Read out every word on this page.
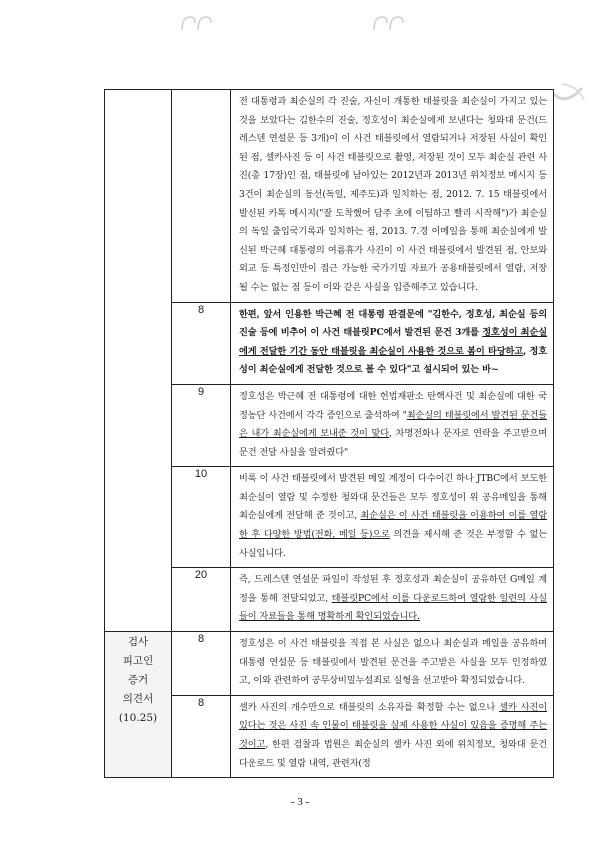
		전 대통령과 최순실의 각 진술, 자신이 개통한 태블릿을 최순실이 가지고 있는 것을 보았다는 김한수의 진술, 정호성이 최순실에게 보낸다는 청와대 문건(드레스덴 연설문 등 3개)이 이 사건 태블릿에서 열람되거나 저장된 사실이 확인된 점, 셀카사진 등 이 사건 태블릿으로 촬영, 저장된 것이 모두 최순실 관련 사진(총 17장)인 점, 태블릿에 남아있는 2012년과 2013년 위치정보 메시지 등 3건이 최순실의 동선(독일, 제주도)과 일치하는 점, 2012. 7. 15 태블릿에서 발신된 카톡 메시지("잘 도착했어 담주 초에 이팀하고 빨리 시작해")가 최순실의 독일 출입국기록과 일치하는 점, 2013. 7.경 이메일을 통해 최순실에게 발신된 박근혜 대통령의 여름휴가 사진이 이 사건 태블릿에서 발견된 점, 안보와 외교 등 특정인만이 접근 가능한 국가기밀 자료가 공용태블릿에서 열람, 저장될 수는 없는 점 등이 이와 같은 사실을 입증해주고 있습니다.
	8	한편, 앞서 인용한 박근혜 전 대통령 판결문에 "김한수, 정호성, 최순실 등의 진술 등에 비추어 이 사건 태블릿PC에서 발견된 문건 3개를 정호성이 최순실에게 전달한 기간 동안 태블릿을 최순실이 사용한 것으로 봄이 타당하고, 정호성이 최순실에게 전달한 것으로 볼 수 있다"고 설시되어 있는 바~
	9	정호성은 박근혜 전 대통령에 대한 헌법재판소 탄핵사건 및 최순실에 대한 국정농단 사건에서 각각 증인으로 출석하여 "최순실의 태블릿에서 발견된 문건들은 내가 최순실에게 보내준 것이 맞다, 차명전화나 문자로 연락을 주고받으며 문건 전달 사실을 알려줬다"
	10	비록 이 사건 태블릿에서 발견된 메일 계정이 다수이긴 하나 JTBC에서 보도한 최순실이 열람 및 수정한 청와대 문건들은 모두 정호성이 위 공유메일을 통해 최순실에게 전달해 준 것이고, 최순실은 이 사건 태블릿을 이용하여 이를 열람한 후 다양한 방법(전화, 메일 등)으로 의견을 제시해 준 것은 부정할 수 없는 사실입니다.
	20	즉, 드레스덴 연설문 파일이 작성된 후 정호성과 최순실이 공유하던 G메일 계정을 통해 전달되었고, 태블릿PC에서 이를 다운로드하여 열람한 일련의 사실들이 자료들을 통해 명확하게 확인되었습니다.

검사
피고인
증거
의견서
(10.25)	8	정호성은 이 사건 태블릿을 직접 본 사실은 없으나 최순실과 메일을 공유하며 대통령 연설문 등 태블릿에서 발견된 문건을 주고받은 사실을 모두 인정하였고, 이와 관련하여 공무상비밀누설죄로 실형을 선고받아 확정되었습니다.
	8	셀카 사진의 개수만으로 태블릿의 소유자를 확정할 수는 없으나 셀카 사진이 있다는 것은 사진 속 인물이 태블릿을 실제 사용한 사실이 있음을 증명해 주는 것이고, 한편 검찰과 법원은 최순실의 셀카 사진 외에 위치정보, 청와대 문건 다운로드 및 열람 내역, 관련자(정
- 3 -
